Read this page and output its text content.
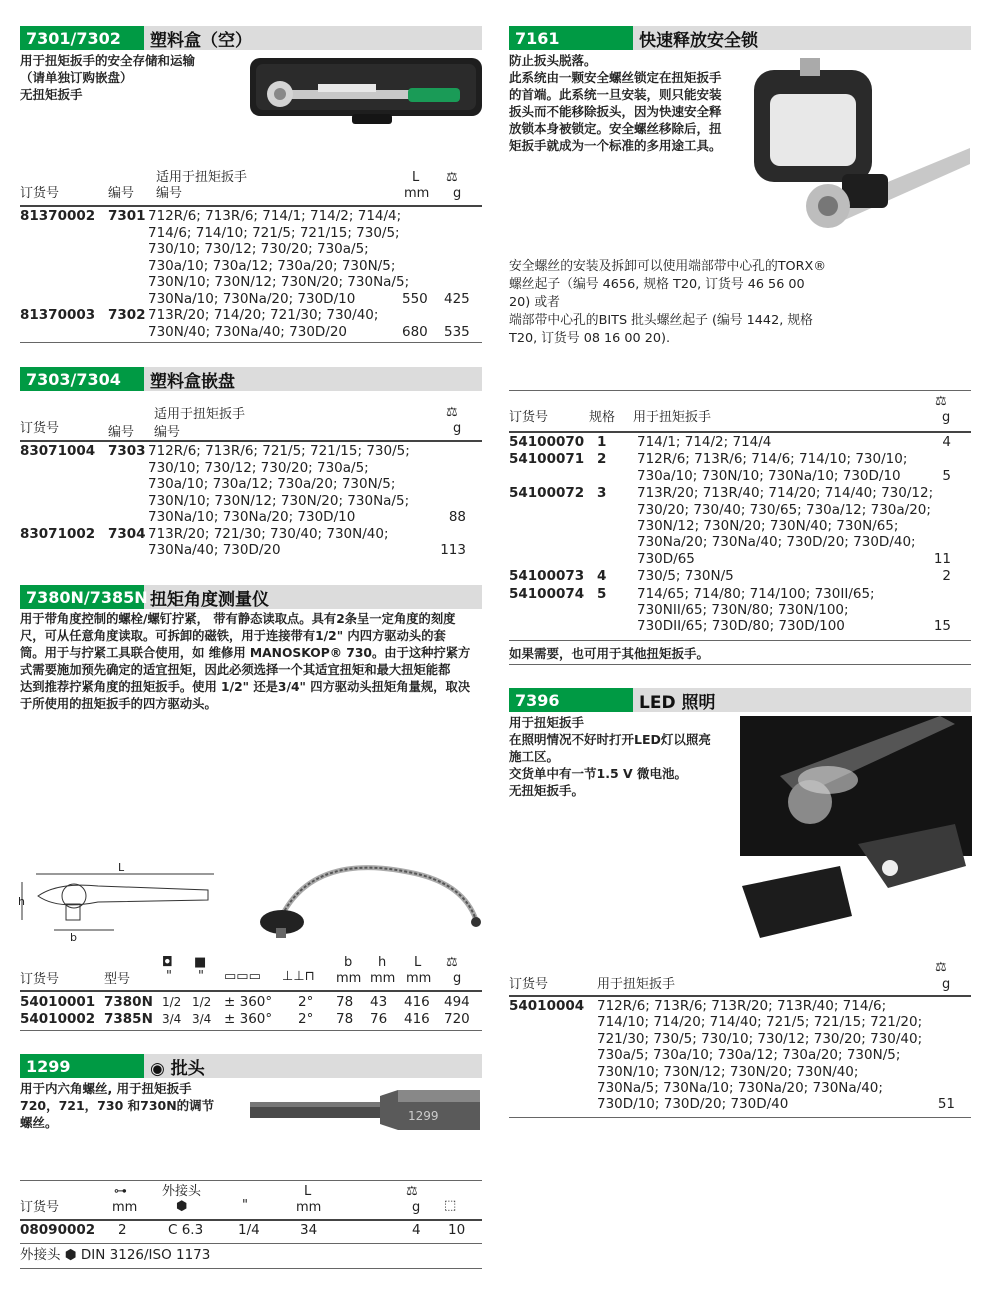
7301/7302	塑料盒（空）
用于扭矩扳手的安全存储和运输
（请单独订购嵌盘）
无扭矩扳手
适用于扭矩扳手	L ⚖
订货号	编号 编号	mm g
81370002 7301 712R/6; 713R/6; 714/1; 714/2; 714/4;
714/6; 714/10; 721/5; 721/15; 730/5;
730/10; 730/12; 730/20; 730a/5;
730a/10; 730a/12; 730a/20; 730N/5;
730N/10; 730N/12; 730N/20; 730Na/5;
730Na/10; 730Na/20; 730D/10	550 425
81370003 7302 713R/20; 714/20; 721/30; 730/40;
730N/40; 730Na/40; 730D/20	680 535
7303/7304	塑料盒嵌盘
适用于扭矩扳手	⚖
订货号	编号 编号	g
83071004 7303 712R/6; 713R/6; 721/5; 721/15; 730/5;
730/10; 730/12; 730/20; 730a/5;
730a/10; 730a/12; 730a/20; 730N/5;
730N/10; 730N/12; 730N/20; 730Na/5;
730Na/10; 730Na/20; 730D/10	88
83071002 7304 713R/20; 721/30; 730/40; 730N/40;
730Na/40; 730D/20	113
7380N/7385N 扭矩角度测量仪
用于带角度控制的螺栓/螺钉拧紧， 带有静态读取点。具有2条呈一定角度的刻度
尺，可从任意角度读取。可拆卸的磁铁，用于连接带有1/2" 内四方驱动头的套
筒。用于与拧紧工具联合使用，如 维修用 MANOSKOP® 730。由于这种拧紧方
式需要施加预先确定的适宜扭矩，因此必须选择一个其适宜扭矩和最大扭矩能都
达到推荐拧紧角度的扭矩扳手。使用 1/2" 还是3/4" 四方驱动头扭矩角量规，取决
于所使用的扭矩扳手的四方驱动头。
L
h
b
◘ ■	b h L ⚖
订货号	型号	" " ▭▭▭ ⊥⊥⊓ mm mm mm g
54010001 7380N 1/2 1/2 ± 360° 2° 78 43 416 494
54010002 7385N 3/4 3/4 ± 360° 2° 78 76 416 720
1299	◉ 批头
用于内六角螺丝, 用于扭矩扳手
720，721，730 和730N的调节
螺丝。	1299
⊶	外接头	L	⚖
订货号	mm	⬢	"	mm	g ⬚
08090002 2	C 6.3	1/4	34	4 10
外接头 ⬢ DIN 3126/ISO 1173
7161	快速释放安全锁
防止扳头脱落。
此系统由一颗安全螺丝锁定在扭矩扳手
的首端。此系统一旦安装，则只能安装
扳头而不能移除扳头，因为快速安全释
放锁本身被锁定。安全螺丝移除后，扭
矩扳手就成为一个标准的多用途工具。
安全螺丝的安装及拆卸可以使用端部带中心孔的TORX®
螺丝起子（编号 4656, 规格 T20, 订货号 46 56 00
20) 或者
端部带中心孔的BITS 批头螺丝起子 (编号 1442, 规格
T20, 订货号 08 16 00 20).
⚖
订货号	规格 用于扭矩扳手	g
54100070 1 714/1; 714/2; 714/4	4
54100071 2 712R/6; 713R/6; 714/6; 714/10; 730/10;
730a/10; 730N/10; 730Na/10; 730D/10	5
54100072 3 713R/20; 713R/40; 714/20; 714/40; 730/12;
730/20; 730/40; 730/65; 730a/12; 730a/20;
730N/12; 730N/20; 730N/40; 730N/65;
730Na/20; 730Na/40; 730D/20; 730D/40;
730D/65	11
54100073 4 730/5; 730N/5	2
54100074 5 714/65; 714/80; 714/100; 730II/65;
730NII/65; 730N/80; 730N/100;
730DII/65; 730D/80; 730D/100	15
如果需要，也可用于其他扭矩扳手。
7396	LED 照明
用于扭矩扳手
在照明情况不好时打开LED灯以照亮
施工区。
交货单中有一节1.5 V 微电池。
无扭矩扳手。
⚖
订货号	用于扭矩扳手	g
54010004 712R/6; 713R/6; 713R/20; 713R/40; 714/6;
714/10; 714/20; 714/40; 721/5; 721/15; 721/20;
721/30; 730/5; 730/10; 730/12; 730/20; 730/40;
730a/5; 730a/10; 730a/12; 730a/20; 730N/5;
730N/10; 730N/12; 730N/20; 730N/40;
730Na/5; 730Na/10; 730Na/20; 730Na/40;
730D/10; 730D/20; 730D/40	51
